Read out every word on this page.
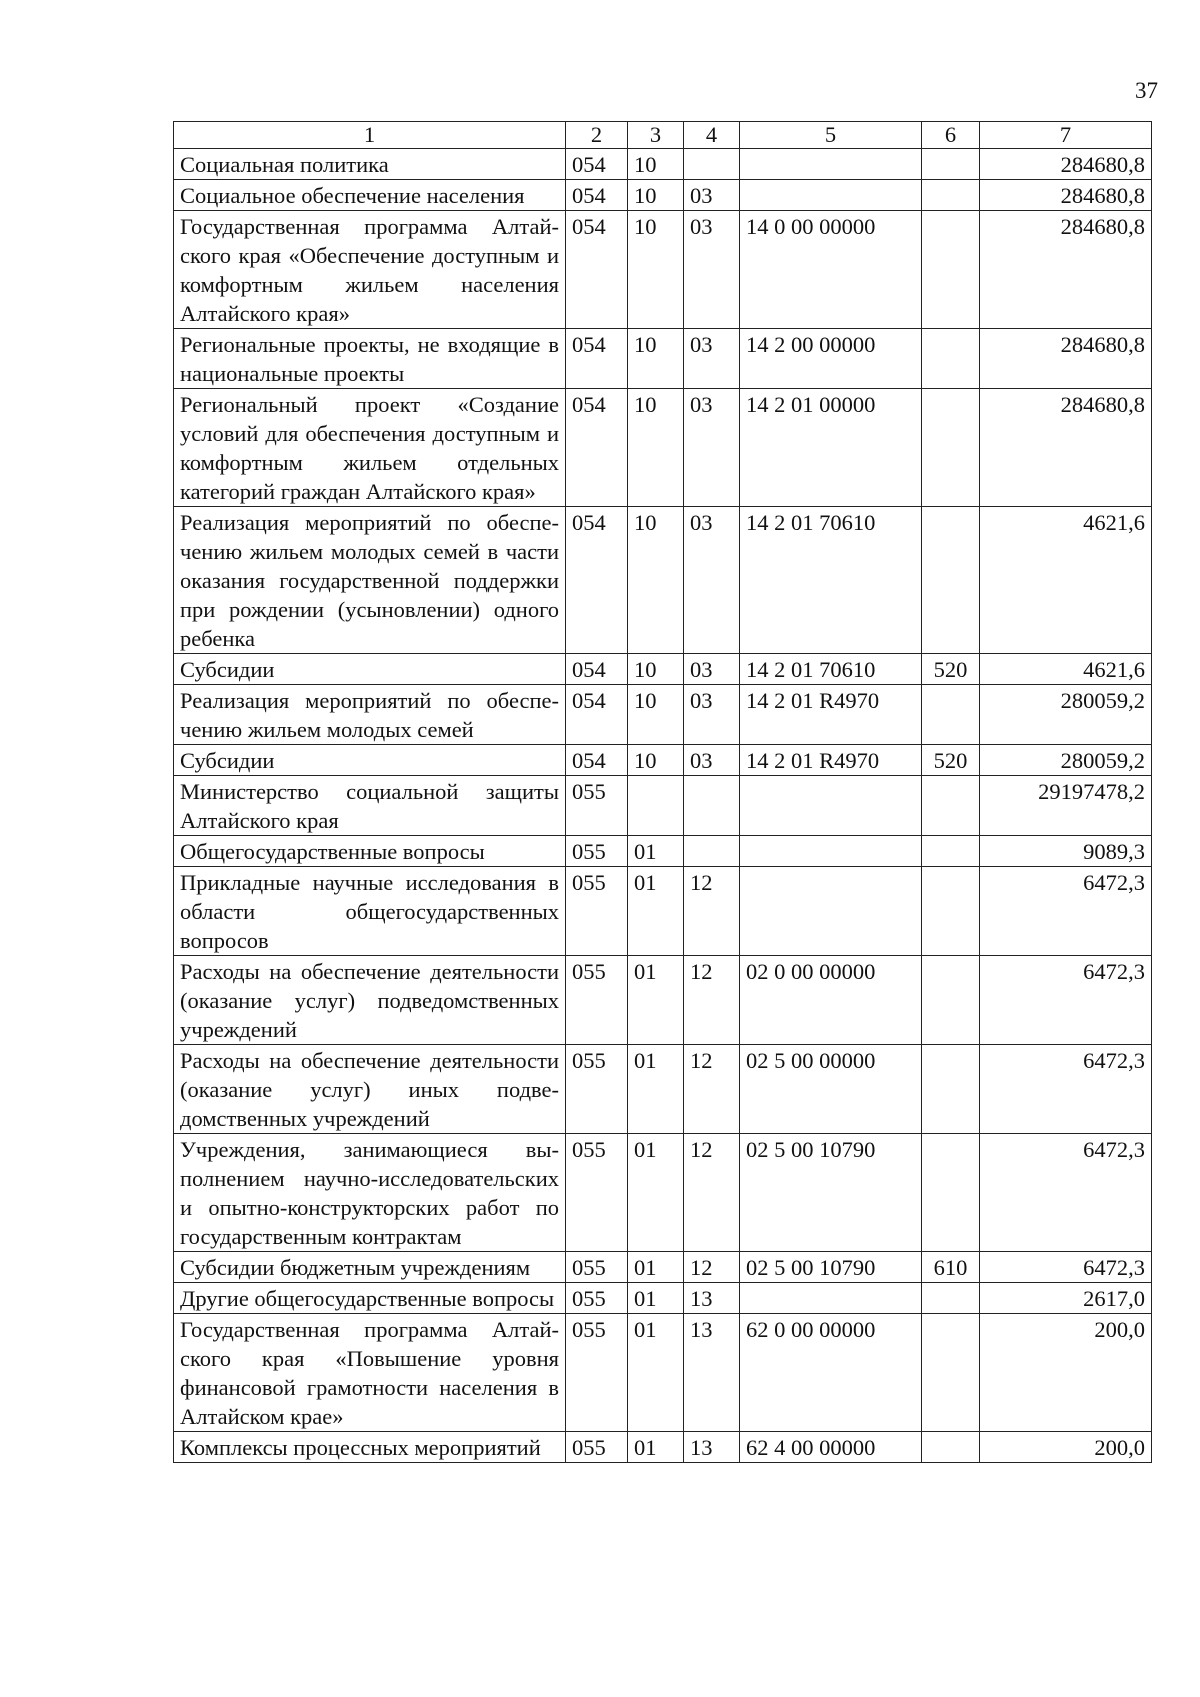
37
1	2	3	4	5	6	7
Социальная политика	054	10				284680,8
Социальное обеспечение населения	054	10	03			284680,8
Государственная программа Алтайского края «Обеспечение доступным и комфортным жильем населения Алтайского края»	054	10	03	14 0 00 00000		284680,8
Региональные проекты, не входящие в национальные проекты	054	10	03	14 2 00 00000		284680,8
Региональный проект «Создание условий для обеспечения доступным и комфортным жильем отдельных категорий граждан Алтайского края»	054	10	03	14 2 01 00000		284680,8
Реализация мероприятий по обеспечению жильем молодых семей в части оказания государственной поддержки при рождении (усыновлении) одного ребенка	054	10	03	14 2 01 70610		4621,6
Субсидии	054	10	03	14 2 01 70610	520	4621,6
Реализация мероприятий по обеспечению жильем молодых семей	054	10	03	14 2 01 R4970		280059,2
Субсидии	054	10	03	14 2 01 R4970	520	280059,2
Министерство социальной защиты Алтайского края	055					29197478,2
Общегосударственные вопросы	055	01				9089,3
Прикладные научные исследования в области общегосударственных вопросов	055	01	12			6472,3
Расходы на обеспечение деятельности (оказание услуг) подведомственных учреждений	055	01	12	02 0 00 00000		6472,3
Расходы на обеспечение деятельности (оказание услуг) иных подведомственных учреждений	055	01	12	02 5 00 00000		6472,3
Учреждения, занимающиеся выполнением научно-исследовательских и опытно-конструкторских работ по государственным контрактам	055	01	12	02 5 00 10790		6472,3
Субсидии бюджетным учреждениям	055	01	12	02 5 00 10790	610	6472,3
Другие общегосударственные вопросы	055	01	13			2617,0
Государственная программа Алтайского края «Повышение уровня финансовой грамотности населения в Алтайском крае»	055	01	13	62 0 00 00000		200,0
Комплексы процессных мероприятий	055	01	13	62 4 00 00000		200,0
